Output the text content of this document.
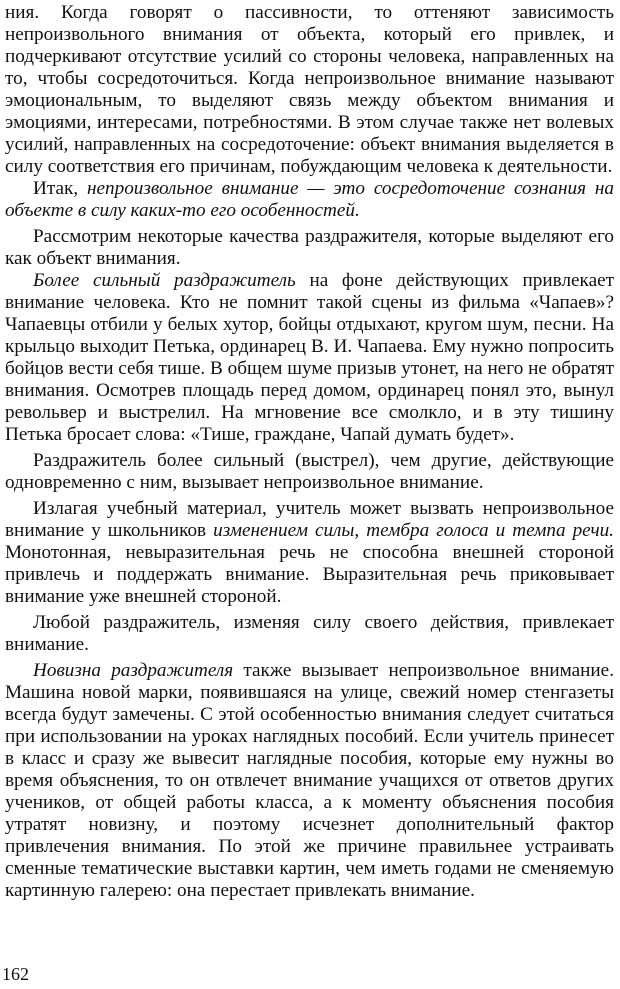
ния. Когда говорят о пассивности, то оттеняют зависимость непроизвольного внимания от объекта, который его привлек, и подчеркивают отсутствие усилий со стороны человека, направленных на то, чтобы сосредоточиться. Когда непроизвольное внимание называют эмоциональным, то выделяют связь между объектом внимания и эмоциями, интересами, потребностями. В этом случае также нет волевых усилий, направленных на сосредоточение: объект внимания выделяется в силу соответствия его причинам, побуждающим человека к деятельности.

Итак, непроизвольное внимание — это сосредоточение сознания на объекте в силу каких-то его особенностей.

Рассмотрим некоторые качества раздражителя, которые выделяют его как объект внимания.

Более сильный раздражитель на фоне действующих привлекает внимание человека. Кто не помнит такой сцены из фильма «Чапаев»? Чапаевцы отбили у белых хутор, бойцы отдыхают, кругом шум, песни. На крыльцо выходит Петька, ординарец В. И. Чапаева. Ему нужно попросить бойцов вести себя тише. В общем шуме призыв утонет, на него не обратят внимания. Осмотрев площадь перед домом, ординарец понял это, вынул револьвер и выстрелил. На мгновение все смолкло, и в эту тишину Петька бросает слова: «Тише, граждане, Чапай думать будет».

Раздражитель более сильный (выстрел), чем другие, действующие одновременно с ним, вызывает непроизвольное внимание.

Излагая учебный материал, учитель может вызвать непроизвольное внимание у школьников изменением силы, тембра голоса и темпа речи. Монотонная, невыразительная речь не способна внешней стороной привлечь и поддержать внимание. Выразительная речь приковывает внимание уже внешней стороной.

Любой раздражитель, изменяя силу своего действия, привлекает внимание.

Новизна раздражителя также вызывает непроизвольное внимание. Машина новой марки, появившаяся на улице, свежий номер стенгазеты всегда будут замечены. С этой особенностью внимания следует считаться при использовании на уроках наглядных пособий. Если учитель принесет в класс и сразу же вывесит наглядные пособия, которые ему нужны во время объяснения, то он отвлечет внимание учащихся от ответов других учеников, от общей работы класса, а к моменту объяснения пособия утратят новизну, и поэтому исчезнет дополнительный фактор привлечения внимания. По этой же причине правильнее устраивать сменные тематические выставки картин, чем иметь годами не сменяемую картинную галерею: она перестает привлекать внимание.

162
